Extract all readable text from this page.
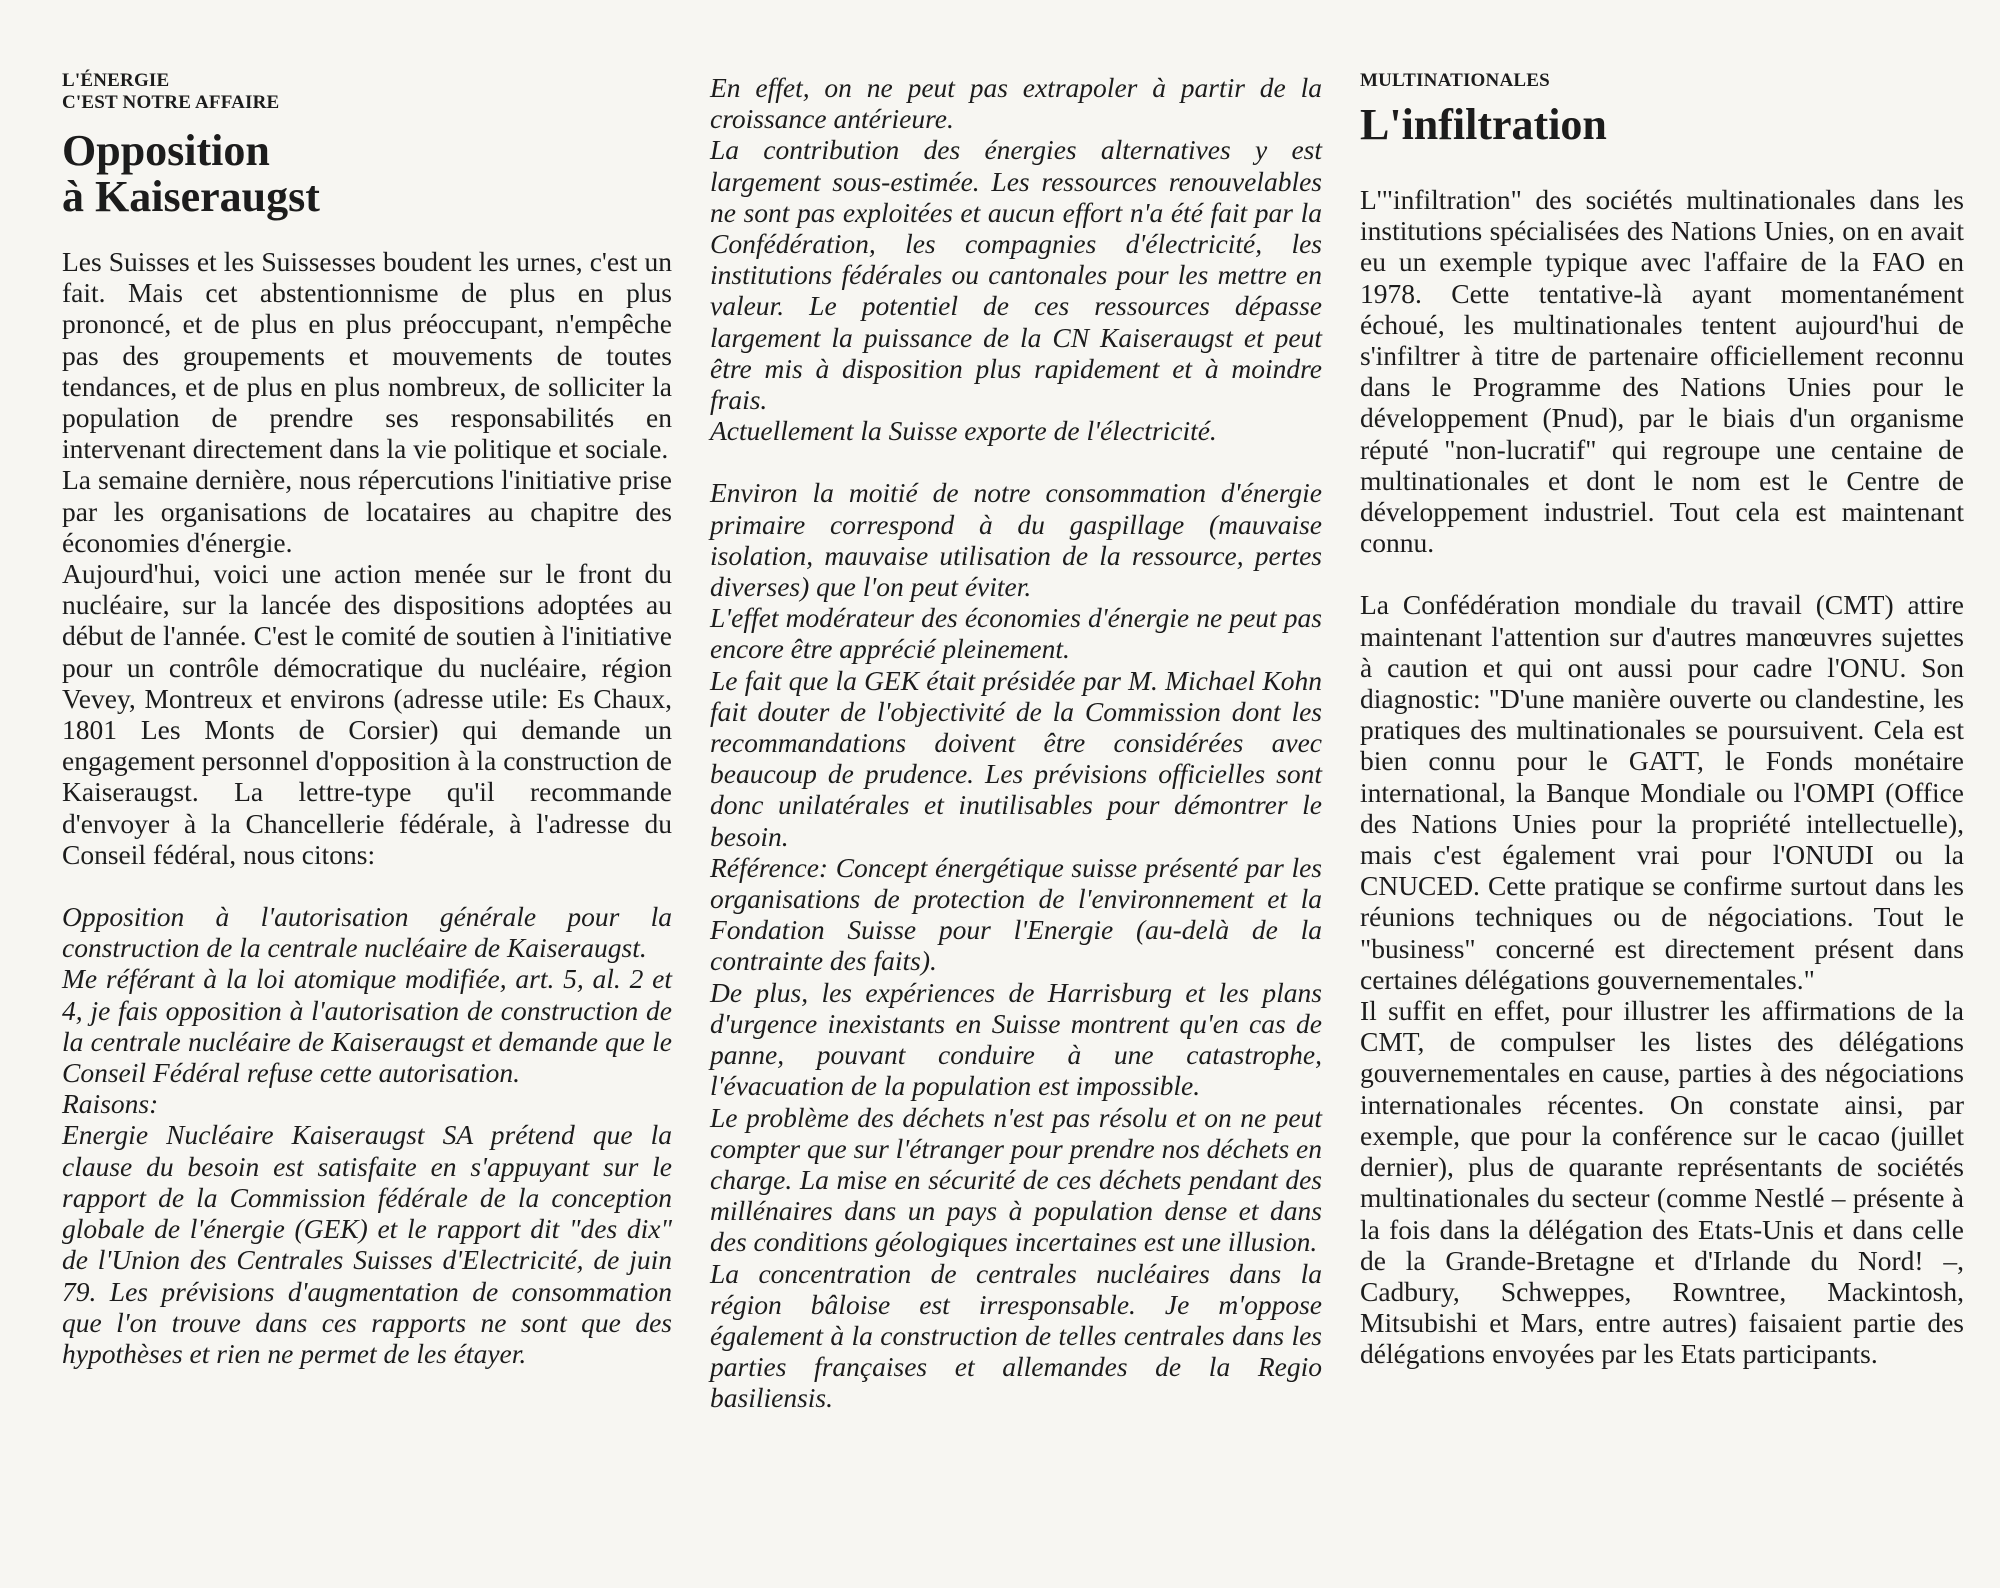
L'ÉNERGIE
C'EST NOTRE AFFAIRE
Opposition
à Kaiseraugst

Les Suisses et les Suissesses boudent les urnes, c'est un fait. Mais cet abstentionnisme de plus en plus prononcé, et de plus en plus préoccupant, n'empêche pas des groupements et mouvements de toutes tendances, et de plus en plus nombreux, de solliciter la population de prendre ses responsabilités en intervenant directement dans la vie politique et sociale.

La semaine dernière, nous répercutions l'initiative prise par les organisations de locataires au chapitre des économies d'énergie.

Aujourd'hui, voici une action menée sur le front du nucléaire, sur la lancée des dispositions adoptées au début de l'année. C'est le comité de soutien à l'initiative pour un contrôle démocratique du nucléaire, région Vevey, Montreux et environs (adresse utile: Es Chaux, 1801 Les Monts de Corsier) qui demande un engagement personnel d'opposition à la construction de Kaiseraugst. La lettre-type qu'il recommande d'envoyer à la Chancellerie fédérale, à l'adresse du Conseil fédéral, nous citons:

Opposition à l'autorisation générale pour la construction de la centrale nucléaire de Kaiseraugst.

Me référant à la loi atomique modifiée, art. 5, al. 2 et 4, je fais opposition à l'autorisation de construction de la centrale nucléaire de Kaiseraugst et demande que le Conseil Fédéral refuse cette autorisation.

Raisons:

Energie Nucléaire Kaiseraugst SA prétend que la clause du besoin est satisfaite en s'appuyant sur le rapport de la Commission fédérale de la conception globale de l'énergie (GEK) et le rapport dit "des dix" de l'Union des Centrales Suisses d'Electricité, de juin 79. Les prévisions d'augmentation de consommation que l'on trouve dans ces rapports ne sont que des hypothèses et rien ne permet de les étayer.

En effet, on ne peut pas extrapoler à partir de la croissance antérieure.

La contribution des énergies alternatives y est largement sous-estimée. Les ressources renouvelables ne sont pas exploitées et aucun effort n'a été fait par la Confédération, les compagnies d'électricité, les institutions fédérales ou cantonales pour les mettre en valeur. Le potentiel de ces ressources dépasse largement la puissance de la CN Kaiseraugst et peut être mis à disposition plus rapidement et à moindre frais.

Actuellement la Suisse exporte de l'électricité.

Environ la moitié de notre consommation d'énergie primaire correspond à du gaspillage (mauvaise isolation, mauvaise utilisation de la ressource, pertes diverses) que l'on peut éviter.

L'effet modérateur des économies d'énergie ne peut pas encore être apprécié pleinement.

Le fait que la GEK était présidée par M. Michael Kohn fait douter de l'objectivité de la Commission dont les recommandations doivent être considérées avec beaucoup de prudence. Les prévisions officielles sont donc unilatérales et inutilisables pour démontrer le besoin.

Référence: Concept énergétique suisse présenté par les organisations de protection de l'environnement et la Fondation Suisse pour l'Energie (au-delà de la contrainte des faits).

De plus, les expériences de Harrisburg et les plans d'urgence inexistants en Suisse montrent qu'en cas de panne, pouvant conduire à une catastrophe, l'évacuation de la population est impossible.

Le problème des déchets n'est pas résolu et on ne peut compter que sur l'étranger pour prendre nos déchets en charge. La mise en sécurité de ces déchets pendant des millénaires dans un pays à population dense et dans des conditions géologiques incertaines est une illusion.

La concentration de centrales nucléaires dans la région bâloise est irresponsable. Je m'oppose également à la construction de telles centrales dans les parties françaises et allemandes de la Regio basiliensis.

MULTINATIONALES
L'infiltration

L'"infiltration" des sociétés multinationales dans les institutions spécialisées des Nations Unies, on en avait eu un exemple typique avec l'affaire de la FAO en 1978. Cette tentative-là ayant momentanément échoué, les multinationales tentent aujourd'hui de s'infiltrer à titre de partenaire officiellement reconnu dans le Programme des Nations Unies pour le développement (Pnud), par le biais d'un organisme réputé "non-lucratif" qui regroupe une centaine de multinationales et dont le nom est le Centre de développement industriel. Tout cela est maintenant connu.

La Confédération mondiale du travail (CMT) attire maintenant l'attention sur d'autres manœuvres sujettes à caution et qui ont aussi pour cadre l'ONU. Son diagnostic: "D'une manière ouverte ou clandestine, les pratiques des multinationales se poursuivent. Cela est bien connu pour le GATT, le Fonds monétaire international, la Banque Mondiale ou l'OMPI (Office des Nations Unies pour la propriété intellectuelle), mais c'est également vrai pour l'ONUDI ou la CNUCED. Cette pratique se confirme surtout dans les réunions techniques ou de négociations. Tout le "business" concerné est directement présent dans certaines délégations gouvernementales."

Il suffit en effet, pour illustrer les affirmations de la CMT, de compulser les listes des délégations gouvernementales en cause, parties à des négociations internationales récentes. On constate ainsi, par exemple, que pour la conférence sur le cacao (juillet dernier), plus de quarante représentants de sociétés multinationales du secteur (comme Nestlé – présente à la fois dans la délégation des Etats-Unis et dans celle de la Grande-Bretagne et d'Irlande du Nord! –, Cadbury, Schweppes, Rowntree, Mackintosh, Mitsubishi et Mars, entre autres) faisaient partie des délégations envoyées par les Etats participants.
